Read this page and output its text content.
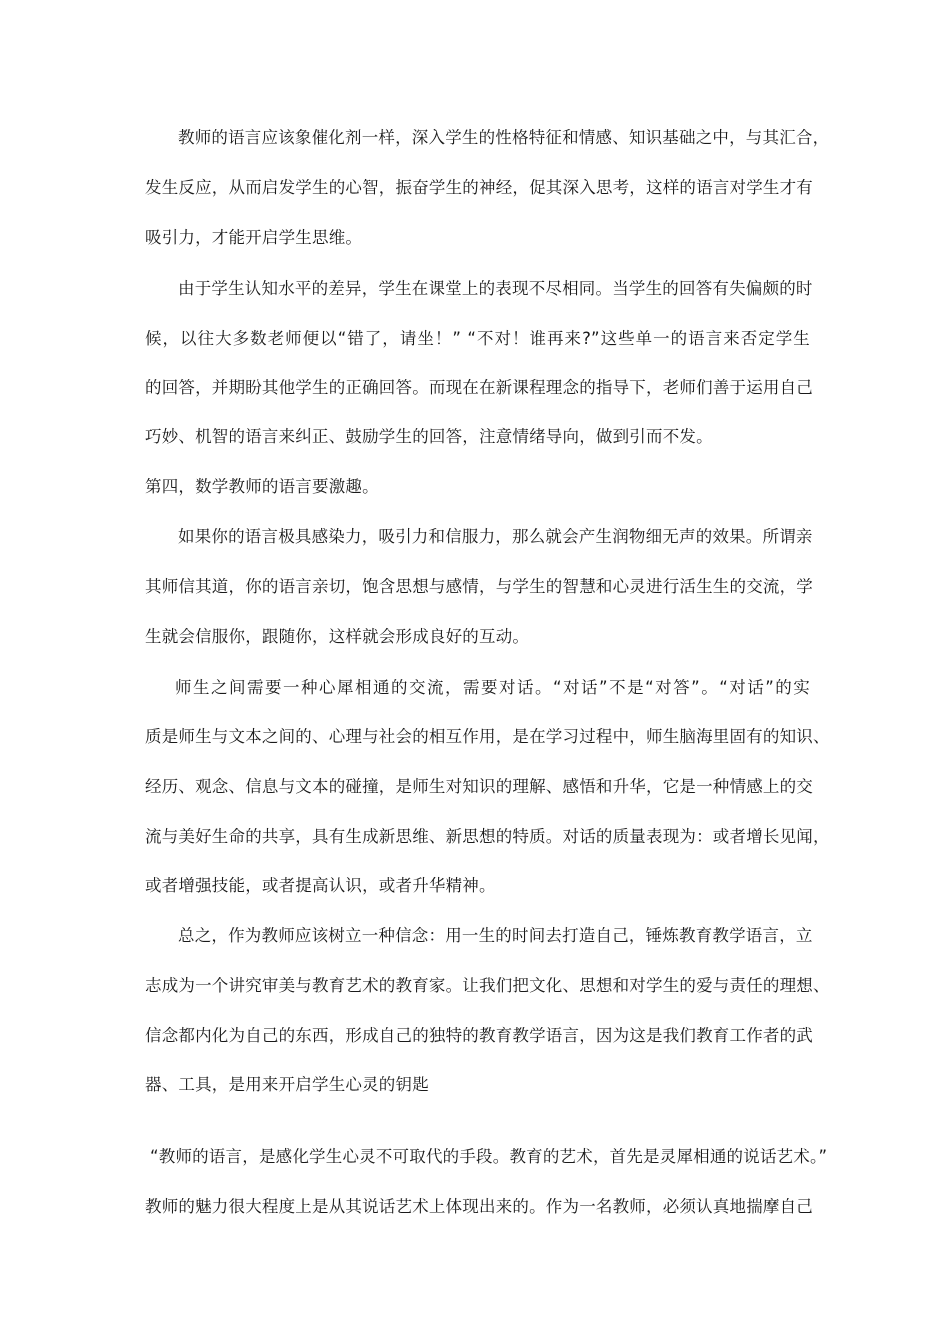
教师的语言应该象催化剂一样，深入学生的性格特征和情感、知识基础之中，与其汇合，
发生反应，从而启发学生的心智，振奋学生的神经，促其深入思考，这样的语言对学生才有
吸引力，才能开启学生思维。
由于学生认知水平的差异，学生在课堂上的表现不尽相同。当学生的回答有失偏颇的时
候，以往大多数老师便以“错了，请坐！” “不对！谁再来?”这些单一的语言来否定学生
的回答，并期盼其他学生的正确回答。而现在在新课程理念的指导下，老师们善于运用自己
巧妙、机智的语言来纠正、鼓励学生的回答，注意情绪导向，做到引而不发。
第四，数学教师的语言要激趣。
如果你的语言极具感染力，吸引力和信服力，那么就会产生润物细无声的效果。所谓亲
其师信其道，你的语言亲切，饱含思想与感情，与学生的智慧和心灵进行活生生的交流，学
生就会信服你，跟随你，这样就会形成良好的互动。
师生之间需要一种心犀相通的交流，需要对话。“对话”不是“对答”。“对话”的实
质是师生与文本之间的、心理与社会的相互作用，是在学习过程中，师生脑海里固有的知识、
经历、观念、信息与文本的碰撞，是师生对知识的理解、感悟和升华，它是一种情感上的交
流与美好生命的共享，具有生成新思维、新思想的特质。对话的质量表现为：或者增长见闻，
或者增强技能，或者提高认识，或者升华精神。
总之，作为教师应该树立一种信念：用一生的时间去打造自己，锤炼教育教学语言，立
志成为一个讲究审美与教育艺术的教育家。让我们把文化、思想和对学生的爱与责任的理想、
信念都内化为自己的东西，形成自己的独特的教育教学语言，因为这是我们教育工作者的武
器、工具，是用来开启学生心灵的钥匙
“教师的语言，是感化学生心灵不可取代的手段。教育的艺术，首先是灵犀相通的说话艺术。”
教师的魅力很大程度上是从其说话艺术上体现出来的。作为一名教师，必须认真地揣摩自己
